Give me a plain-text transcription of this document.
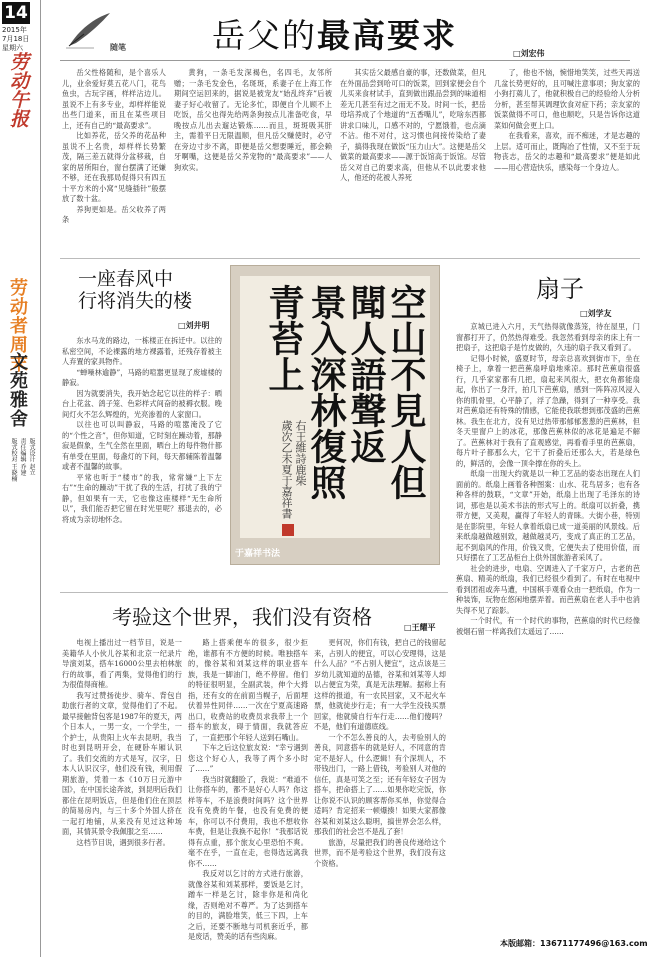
14
2015年
7月18日
星期六
劳动午报
劳动者周末
文苑雅舍
版式设计 赵立
责任编辑 乔建
版式校对 王晓楠
随笔	岳父的最高要求	□刘宏伟

岳父性格随和，是个喜乐人儿，业余爱好莫五花八门，花鸟鱼虫，古玩字画，样样沾边儿。虽说不上有多专业，却样样能说出些门道来，而且在某些项目上，还有自己的“最高要求”。

比如养花，岳父养的花品种虽说不上名贵，却样样长势繁茂，隔三差五就得分盆移栽，自家的居所阳台，窗台摆满了还嫌不够，还在我那局促得只有四五十平方米的小窝“见缝插针”般摆放了数十盆。

养狗更如是。岳父收养了两条

黄狗，一条毛发深褐色，名四毛，友邻所赠；一条毛发金色，名斑斑，系妻子在上海工作期间空运回来的，据说是被宠友“始乱终弃”后被妻子好心收留了。无论多忙，即便自个儿顾不上吃饭，岳父也得先给两条狗按点儿准备吃食，早晚按点儿出去遛达锻炼……而且，斑斑吸其肝主，需着平日无限温顺，但凡岳父赚使时，必守在旁边寸步不离，即便是岳父想要睡近，都会赖牙啊嘴，这便是岳父养宠物的“最高要求”——人狗欢实。

其实岳父最感自豪的事，还数做菜，但凡在外面品尝到哈可口的饭菜，回到家便会自个儿买来食材试手，直到做出跟品尝到的味道相差无几甚至有过之而无不及。时间一长，把岳母培养成了个地道的“五香嘴儿”，吃啥东西都讲求口味儿，口感不对的，宁愿饿着，也点滴不沾。他不对付，这习惯也间接传染给了妻子，搞得我现在做饭“压力山大”。这便是岳父做菜的最高要求——源于饭馆高于饭馆。尽管岳父对自己的要求高，但他从不以此要求他人，他还的花被人养死

了，他也不恼，惋惜地笑笑，过些天再送几盆长势更好的，且可喊注意事项；狗友家的小狗打蔫儿了，他就积极自己的经验给人分析分析，甚至帮其调理饮食对症下药；亲友家的饭菜做得不可口，他也顺吃，只是告诉你这道菜如何做会更上口。

在我看来，喜欢，而不痴迷，才是志趣的上层。适可而止，既陶冶了性情，又不至于玩物丧志，岳父的志趣和“最高要求”便是如此——用心营造快乐，感染每一个身边人。

一座春风中
行将消失的楼
□刘井明

东水马龙的路边，一栋楼正在拆迁中。以往的私密空间，不论裸露的地方裸露着，还残存着被主人弃置的家具物件。

“蝉噪林逾静”，马路的喧嚣更显现了废墟楼的静寂。

因为就要消失，我开始念起它以往的样子：晒台上花盆、鸽子笼、色彩样式间奋的被褥衣服。晚间灯火不怎么辉煌的，光亮渗着的人家窗口。

以往也可以叫静寂，马路的喧嚣淹没了它的“个性之音”，但你知道，它时刻在躁动着，那静寂是假象，生气全然在里面，晒台上的每件物什都有单受在里面，每盏灯的下间，每天都辅陈着温馨或者不温馨的故事。

平常也听于“楼市”的我，常常嫌“上下左右”“生命的躁动”干扰了我的生活，打扰了我的宁静，但如果有一天，它也像这座楼样“无生命所以”，我们能否把它留在时光里呢？那退去的，必将成为亲切地怀念。

空山不見人但
聞人語聲返
景入深林復照
青苔上
右王維詩鹿柴
歲次乙未夏于嘉祥書
于嘉祥书法
扇子
□刘学友

京城已进入六月，天气热得就像蒸笼，待在屋里，门窗都打开了，仍然热得难受。我忽然看到母亲的床上有一把扇子，这把扇子是竹皮做的，久违的扇子我又看到了。

记得小时候，盛夏时节，母亲总喜欢到街市下，坐在椅子上，拿着一把芭蕉扇呼扇地乘凉。那时芭蕉扇很盛行，几乎家家都有几把，扇起来风很大，把衣角都能扇起，你出了一身汗，拍几下芭蕉扇，感到一阵阵凉风浸入你的肌骨里，心平静了，浮了急躁，得到了一种享受。我对芭蕉扇还有特殊的情感，它能使我联想到那茂盛的芭蕉林。我生在北方，没有见过热带那郁郁葱葱的芭蕉林，但冬天里窗户上的冰花，那像芭蕉林似的冰花是遍足不解了。芭蕉林对于我有了直观感觉，再看看手里的芭蕉扇，每片叶子都那么大，它干了折叠后还那么大，若是绿色的，鲜活的，会像一顶伞撑在你的头上。

纸扇一出现大约就是以一种工艺品的姿态出现在人们面前的。纸扇上画着各种图案：山水、花鸟居多；也有各种各样的鼓联，“文章”开始，纸扇上出现了毛泽东的诗词，那也是以美术书法的形式写上的。纸扇可以折叠，携带方便，又美观，赢得了年轻人的青睐。大街小巷，特别是在影院里，年轻人拿着纸扇已成一道美丽的风景线。后来纸扇越做越别致，越做越灵巧，变成了真正的工艺品，起不到扇风的作用，价钱又贵，它便失去了使用价值，而只好摆在了工艺品柜台上供外国旅游者采风了。

社会的进步，电扇、空调进入了千家万户，古老的芭蕉扇、精美的纸扇，我们已经很少看到了。有时在电视中看到团祖或奔马遭，中国棋手观看众由一把纸扇，作为一种装饰，玩物在悠闲地摆弄着。而芭蕉扇在老人手中也消失得不见了踪影。

一个时代，有一个时代的事物，芭蕉扇的时代已经像被烟石留一样离我们太遥远了……

考验这个世界，我们没有资格	□王耀平

电视上播出过一档节目，说是一美籍华人小伙儿谷某和北京一纪录片导演刘某，搭车16000公里去柏林旅行的故事，看了两集，觉得他们的行为很值得商榷。

我写过赞扬徒步、骑车、背包自助旅行者的文章，觉得他们了不起。最早接触背包客是1987年的夏天，两个日本人，一男一女，一个学生，一个护士，从贵阳上火车去昆明，我当时也到昆明开会，在硬卧车厢认识了。我们交流的方式是写，汉字，日本人认识汉字，他们没有钱，利用假期旅游，凭着一本《10万日元游中国》，在中国长途奔波，到昆明后我们都住在昆明饭店，但是他们住在顶层的简易房内，与三十多个外国人挤在一起打地铺，从来没有见过这种场面，其情其景令我佩服之至……

这档节目说，遇到很多行者。

路上搭乘便车的很多，很少拒绝，谁都有不方便的时候。唯独搭车的，像谷某和刘某这样的职业搭车族，我是一脚油门，绝不停留。他们的特征很明显，全副武装，伸个大拇指，还有女的在前面当幌子，后面埋伏着异性同伴……一次在宁夏高速路出口，收费站的收费员求我带上一个搭车的旅友，碍于情面，我就答应了，一直把那个年轻人送到石嘴山。

下车之后这位旅友说：“幸亏遇到您这个好心人，我等了两个多小时了……”

我当时就翻脸了，我说：“难道不让你搭车的，都不是好心人吗？你这样等车，不是浪费时间吗？这个世界没有免费的午餐，也没有免费的便车，你可以不付费用，我也不想收你车费，但是让我换不起你！”我那话说得有点重，那个旅友心里恐怕不爽。毫不在乎，一直在走，也得选远离我你不……

我反对以乞讨的方式进行旅游，就像谷某和刘某那样，要饭是乞讨，蹭车一样是乞讨，除非你是和尚化缘，否则绝对不尊严。为了达到搭车的目的，满脸堆笑，低三下四，上车之后，还要不断地与司机套近乎，都是废话，赞美的话有些肉麻。

更何况，你们有钱，把自己的钱留起来，占别人的便宜，可以心安理得，这是什么人品？“不占别人便宜”，这点该是三岁幼儿就知道的品德，谷某和刘某等人却以占便宜为荣，真是无法理解。据称上有这样的报道，有一农民回家，又不起火车票，他就徒步行走；有一大学生没钱买票回家，他就骑自行车行走……他们傻吗？不是，他们有道德底线。

一个不怎么善良的人，去考验别人的善良，同意搭车的就是好人，不同意的肯定不是好人，什么逻辑！有个深圳人，不带钱出门，一路上借钱，考验别人对他的信任，真是可笑之至；还有年轻女子因为搭车，把命搭上了……如果你吃完饭，你让你说不认识的顾客帮你买单，你觉得合适吗？肯定招来一顿爆揍！如果大家都像谷某和刘某这么聪明，搞世界会怎么样，那我们的社会岂不是乱了套！

旅游，尽量把我们的善良传递给这个世界，而不是考验这个世界，我们没有这个资格。

本版邮箱：13671177496@163.com
